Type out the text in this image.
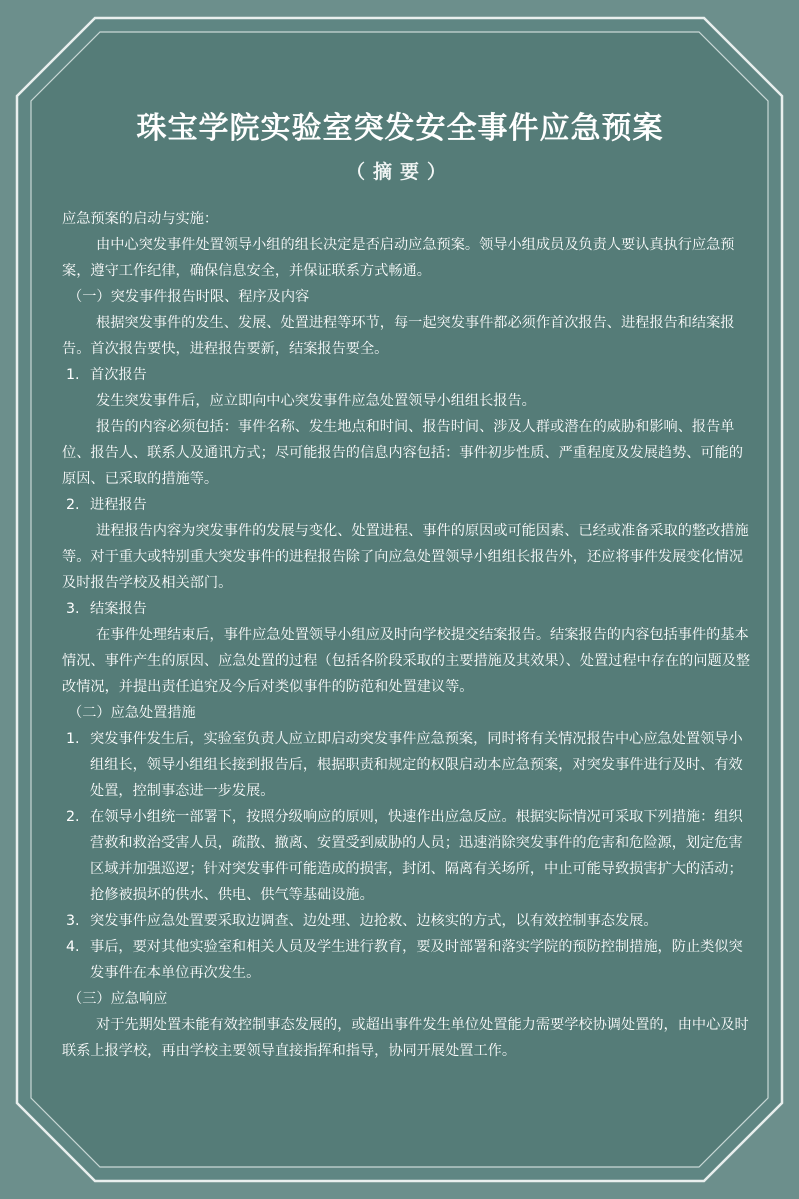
珠宝学院实验室突发安全事件应急预案
（摘要）

应急预案的启动与实施：

由中心突发事件处置领导小组的组长决定是否启动应急预案。领导小组成员及负责人要认真执行应急预案，遵守工作纪律，确保信息安全，并保证联系方式畅通。

（一）突发事件报告时限、程序及内容

根据突发事件的发生、发展、处置进程等环节，每一起突发事件都必须作首次报告、进程报告和结案报告。首次报告要快，进程报告要新，结案报告要全。

1. 首次报告

发生突发事件后，应立即向中心突发事件应急处置领导小组组长报告。

报告的内容必须包括：事件名称、发生地点和时间、报告时间、涉及人群或潜在的威胁和影响、报告单位、报告人、联系人及通讯方式；尽可能报告的信息内容包括：事件初步性质、严重程度及发展趋势、可能的原因、已采取的措施等。

2. 进程报告

进程报告内容为突发事件的发展与变化、处置进程、事件的原因或可能因素、已经或准备采取的整改措施等。对于重大或特别重大突发事件的进程报告除了向应急处置领导小组组长报告外，还应将事件发展变化情况及时报告学校及相关部门。

3. 结案报告

在事件处理结束后，事件应急处置领导小组应及时向学校提交结案报告。结案报告的内容包括事件的基本情况、事件产生的原因、应急处置的过程（包括各阶段采取的主要措施及其效果）、处置过程中存在的问题及整改情况，并提出责任追究及今后对类似事件的防范和处置建议等。

（二）应急处置措施

1. 突发事件发生后，实验室负责人应立即启动突发事件应急预案，同时将有关情况报告中心应急处置领导小组组长，领导小组组长接到报告后，根据职责和规定的权限启动本应急预案，对突发事件进行及时、有效处置，控制事态进一步发展。
2. 在领导小组统一部署下，按照分级响应的原则，快速作出应急反应。根据实际情况可采取下列措施：组织营救和救治受害人员，疏散、撤离、安置受到威胁的人员；迅速消除突发事件的危害和危险源，划定危害区域并加强巡逻；针对突发事件可能造成的损害，封闭、隔离有关场所，中止可能导致损害扩大的活动；抢修被损坏的供水、供电、供气等基础设施。
3. 突发事件应急处置要采取边调查、边处理、边抢救、边核实的方式，以有效控制事态发展。
4. 事后，要对其他实验室和相关人员及学生进行教育，要及时部署和落实学院的预防控制措施，防止类似突发事件在本单位再次发生。

（三）应急响应

对于先期处置未能有效控制事态发展的，或超出事件发生单位处置能力需要学校协调处置的，由中心及时联系上报学校，再由学校主要领导直接指挥和指导，协同开展处置工作。
